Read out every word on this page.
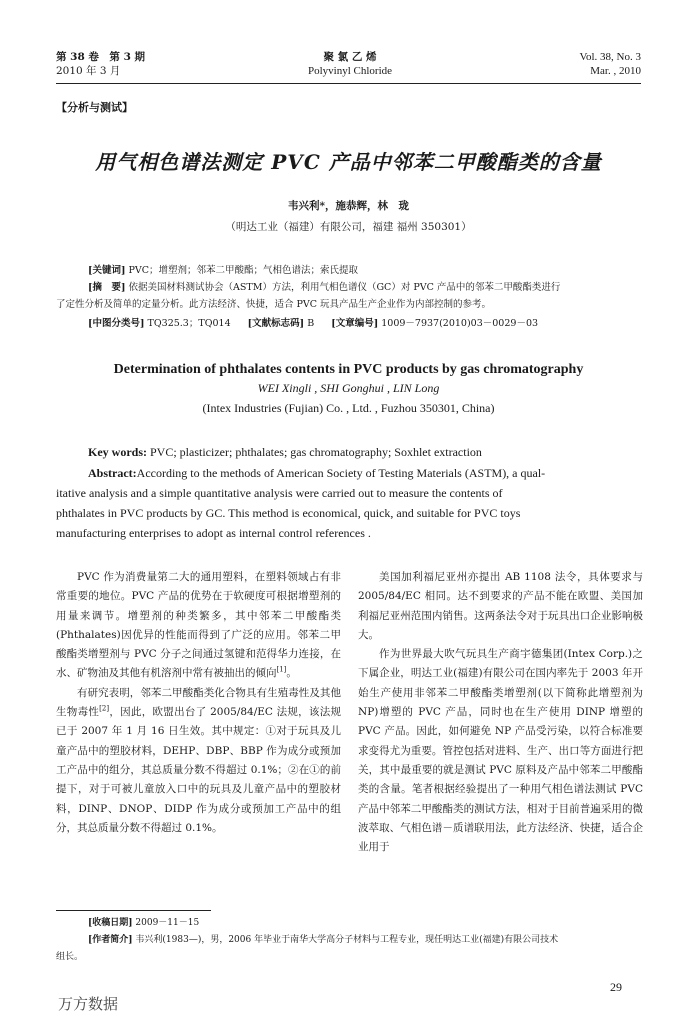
第 38 卷　第 3 期
2010 年 3 月
聚 氯 乙 烯
Polyvinyl Chloride
Vol. 38, No. 3
Mar. , 2010
【分析与测试】
用气相色谱法测定 PVC 产品中邻苯二甲酸酯类的含量
韦兴利*，施恭辉，林　珑
（明达工业（福建）有限公司，福建 福州 350301）
[关键词] PVC；增塑剂；邻苯二甲酸酯；气相色谱法；索氏提取
[摘　要] 依据美国材料测试协会（ASTM）方法，利用气相色谱仪（GC）对 PVC 产品中的邻苯二甲酸酯类进行
了定性分析及简单的定量分析。此方法经济、快捷，适合 PVC 玩具产品生产企业作为内部控制的参考。
[中图分类号] TQ325.3；TQ014 [文献标志码] B [文章编号] 1009－7937(2010)03－0029－03
Determination of phthalates contents in PVC products by gas chromatography
WEI Xingli , SHI Gonghui , LIN Long
(Intex Industries (Fujian) Co. , Ltd. , Fuzhou 350301, China)
Key words: PVC; plasticizer; phthalates; gas chromatography; Soxhlet extraction
Abstract:According to the methods of American Society of Testing Materials (ASTM), a qual-
itative analysis and a simple quantitative analysis were carried out to measure the contents of
phthalates in PVC products by GC. This method is economical, quick, and suitable for PVC toys
manufacturing enterprises to adopt as internal control references .

PVC 作为消费量第二大的通用塑料，在塑料领域占有非常重要的地位。PVC 产品的优势在于软硬度可根据增塑剂的用量来调节。增塑剂的种类繁多，其中邻苯二甲酸酯类(Phthalates)因优异的性能而得到了广泛的应用。邻苯二甲酸酯类增塑剂与 PVC 分子之间通过氢键和范得华力连接，在水、矿物油及其他有机溶剂中常有被抽出的倾向[1]。

有研究表明，邻苯二甲酸酯类化合物具有生殖毒性及其他生物毒性[2]，因此，欧盟出台了 2005/84/EC 法规，该法规已于 2007 年 1 月 16 日生效。其中规定：①对于玩具及儿童产品中的塑胶材料，DEHP、DBP、BBP 作为成分或预加工产品中的组分，其总质量分数不得超过 0.1%；②在①的前提下，对于可被儿童放入口中的玩具及儿童产品中的塑胶材料，DINP、DNOP、DIDP 作为成分或预加工产品中的组分，其总质量分数不得超过 0.1%。

美国加利福尼亚州亦提出 AB 1108 法令，具体要求与 2005/84/EC 相同。达不到要求的产品不能在欧盟、美国加利福尼亚州范围内销售。这两条法令对于玩具出口企业影响极大。

作为世界最大吹气玩具生产商宇德集团(Intex Corp.)之下属企业，明达工业(福建)有限公司在国内率先于 2003 年开始生产使用非邻苯二甲酸酯类增塑剂(以下简称此增塑剂为 NP)增塑的 PVC 产品，同时也在生产使用 DINP 增塑的 PVC 产品。因此，如何避免 NP 产品受污染，以符合标准要求变得尤为重要。管控包括对进料、生产、出口等方面进行把关，其中最重要的就是测试 PVC 原料及产品中邻苯二甲酸酯类的含量。笔者根据经验提出了一种用气相色谱法测试 PVC 产品中邻苯二甲酸酯类的测试方法，相对于目前普遍采用的微波萃取、气相色谱－质谱联用法，此方法经济、快捷，适合企业用于

[收稿日期] 2009－11－15
[作者简介] 韦兴利(1983—)，男，2006 年毕业于南华大学高分子材料与工程专业，现任明达工业(福建)有限公司技术
组长。
29
万方数据
